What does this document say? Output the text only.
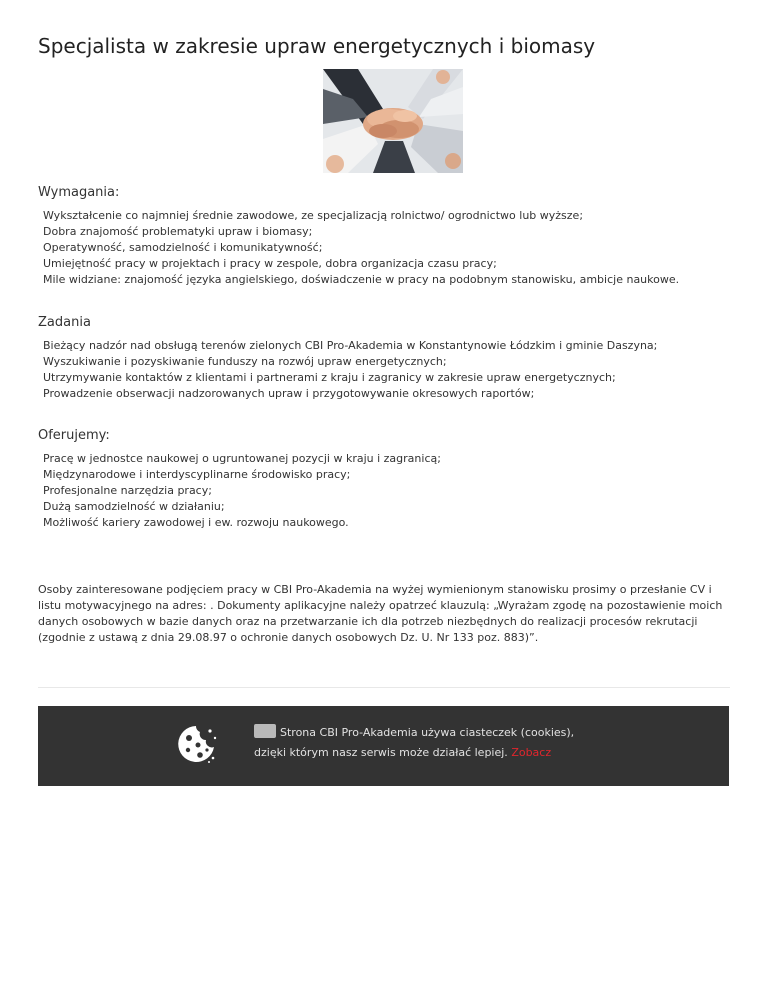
Specjalista w zakresie upraw energetycznych i biomasy
Wymagania:
Wykształcenie co najmniej średnie zawodowe, ze specjalizacją rolnictwo/ ogrodnictwo lub wyższe;
Dobra znajomość problematyki upraw i biomasy;
Operatywność, samodzielność i komunikatywność;
Umiejętność pracy w projektach i pracy w zespole, dobra organizacja czasu pracy;
Mile widziane: znajomość języka angielskiego, doświadczenie w pracy na podobnym stanowisku, ambicje naukowe.
Zadania
Bieżący nadzór nad obsługą terenów zielonych CBI Pro-Akademia w Konstantynowie Łódzkim i gminie Daszyna;
Wyszukiwanie i pozyskiwanie funduszy na rozwój upraw energetycznych;
Utrzymywanie kontaktów z klientami i partnerami z kraju i zagranicy w zakresie upraw energetycznych;
Prowadzenie obserwacji nadzorowanych upraw i przygotowywanie okresowych raportów;
Oferujemy:
Pracę w jednostce naukowej o ugruntowanej pozycji w kraju i zagranicą;
Międzynarodowe i interdyscyplinarne środowisko pracy;
Profesjonalne narzędzia pracy;
Dużą samodzielność w działaniu;
Możliwość kariery zawodowej i ew. rozwoju naukowego.

Osoby zainteresowane podjęciem pracy w CBI Pro-Akademia na wyżej wymienionym stanowisku prosimy o przesłanie CV i listu motywacyjnego na adres: . Dokumenty aplikacyjne należy opatrzeć klauzulą: „Wyrażam zgodę na pozostawienie moich danych osobowych w bazie danych oraz na przetwarzanie ich dla potrzeb niezbędnych do realizacji procesów rekrutacji (zgodnie z ustawą z dnia 29.08.97 o ochronie danych osobowych Dz. U. Nr 133 poz. 883)”.

Strona CBI Pro-Akademia używa ciasteczek (cookies),
dzięki którym nasz serwis może działać lepiej. Zobacz
